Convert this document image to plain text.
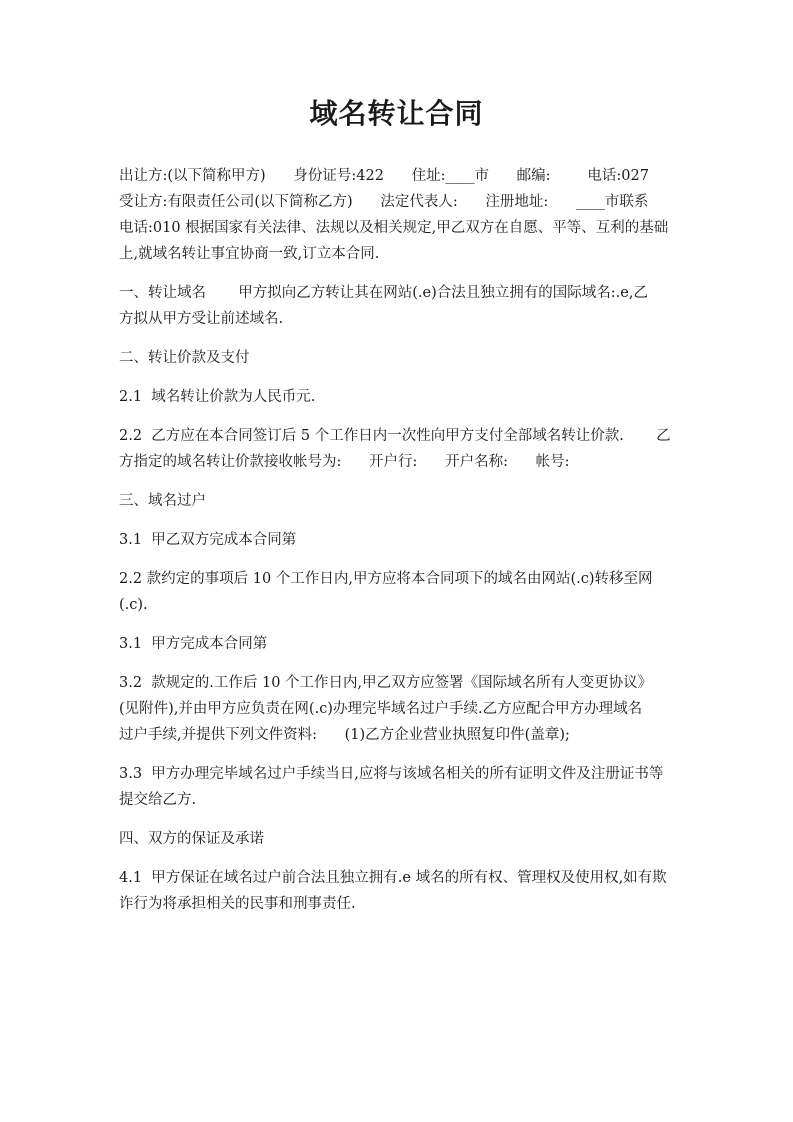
域名转让合同
出让方:(以下简称甲方)      身份证号:422      住址:____市      邮编:        电话:027
受让方:有限责任公司(以下简称乙方)      法定代表人:      注册地址:      ____市联系
电话:010 根据国家有关法律、法规以及相关规定,甲乙双方在自愿、平等、互利的基础
上,就域名转让事宜协商一致,订立本合同.
一、转让域名       甲方拟向乙方转让其在网站(.e)合法且独立拥有的国际域名:.e,乙
方拟从甲方受让前述域名.
二、转让价款及支付
2.1  域名转让价款为人民币元.
2.2  乙方应在本合同签订后 5 个工作日内一次性向甲方支付全部域名转让价款.       乙
方指定的域名转让价款接收帐号为:      开户行:      开户名称:      帐号:
三、域名过户
3.1  甲乙双方完成本合同第
2.2 款约定的事项后 10 个工作日内,甲方应将本合同项下的域名由网站(.c)转移至网
(.c).
3.1  甲方完成本合同第
3.2  款规定的.工作后 10 个工作日内,甲乙双方应签署《国际域名所有人变更协议》
(见附件),并由甲方应负责在网(.c)办理完毕域名过户手续.乙方应配合甲方办理域名
过户手续,并提供下列文件资料:      (1)乙方企业营业执照复印件(盖章);
3.3  甲方办理完毕域名过户手续当日,应将与该域名相关的所有证明文件及注册证书等
提交给乙方.
四、双方的保证及承诺
4.1  甲方保证在域名过户前合法且独立拥有.e 域名的所有权、管理权及使用权,如有欺
诈行为将承担相关的民事和刑事责任.
